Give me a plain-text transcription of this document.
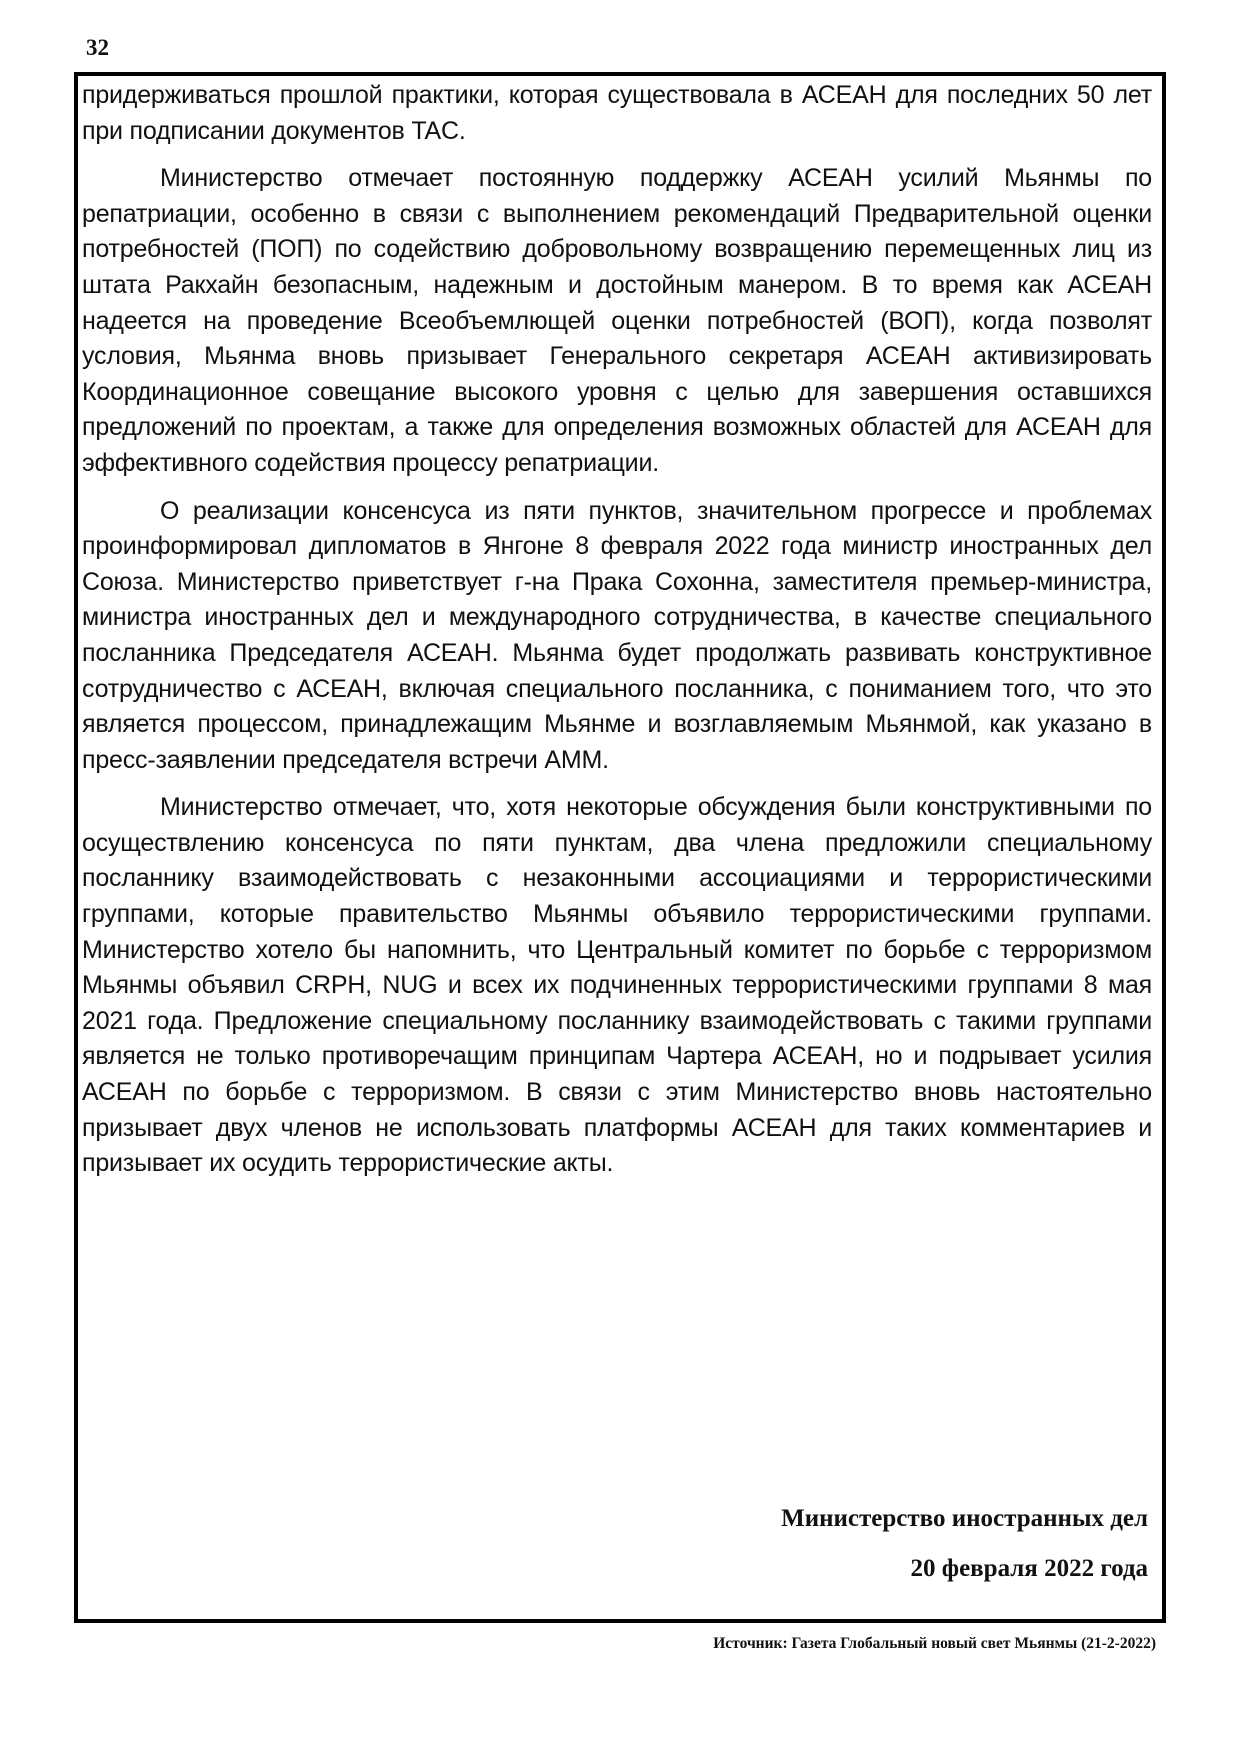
32

придерживаться прошлой практики, которая существовала в АСЕАН для последних 50 лет при подписании документов TAC.

Министерство отмечает постоянную поддержку АСЕАН усилий Мьянмы по репатриации, особенно в связи с выполнением рекомендаций Предварительной оценки потребностей (ПОП) по содействию добровольному возвращению перемещенных лиц из штата Ракхайн безопасным, надежным и достойным манером. В то время как АСЕАН надеется на проведение Всеобъемлющей оценки потребностей (ВОП), когда позволят условия, Мьянма вновь призывает Генерального секретаря АСЕАН активизировать Координационное совещание высокого уровня с целью для завершения оставшихся предложений по проектам, а также для определения возможных областей для АСЕАН для эффективного содействия процессу репатриации.

О реализации консенсуса из пяти пунктов, значительном прогрессе и проблемах проинформировал дипломатов в Янгоне 8 февраля 2022 года министр иностранных дел Союза. Министерство приветствует г-на Прака Сохонна, заместителя премьер-министра, министра иностранных дел и международного сотрудничества, в качестве специального посланника Председателя АСЕАН. Мьянма будет продолжать развивать конструктивное сотрудничество с АСЕАН, включая специального посланника, с пониманием того, что это является процессом, принадлежащим Мьянме и возглавляемым Мьянмой, как указано в пресс-заявлении председателя встречи АММ.

Министерство отмечает, что, хотя некоторые обсуждения были конструктивными по осуществлению консенсуса по пяти пунктам, два члена предложили специальному посланнику взаимодействовать с незаконными ассоциациями и террористическими группами, которые правительство Мьянмы объявило террористическими группами. Министерство хотело бы напомнить, что Центральный комитет по борьбе с терроризмом Мьянмы объявил CRPH, NUG и всех их подчиненных террористическими группами 8 мая 2021 года. Предложение специальному посланнику взаимодействовать с такими группами является не только противоречащим принципам Чартера АСЕАН, но и подрывает усилия АСЕАН по борьбе с терроризмом. В связи с этим Министерство вновь настоятельно призывает двух членов не использовать платформы АСЕАН для таких комментариев и призывает их осудить террористические акты.

Министерство иностранных дел
20 февраля 2022 года
Источник: Газета Глобальный новый свет Мьянмы (21-2-2022)
